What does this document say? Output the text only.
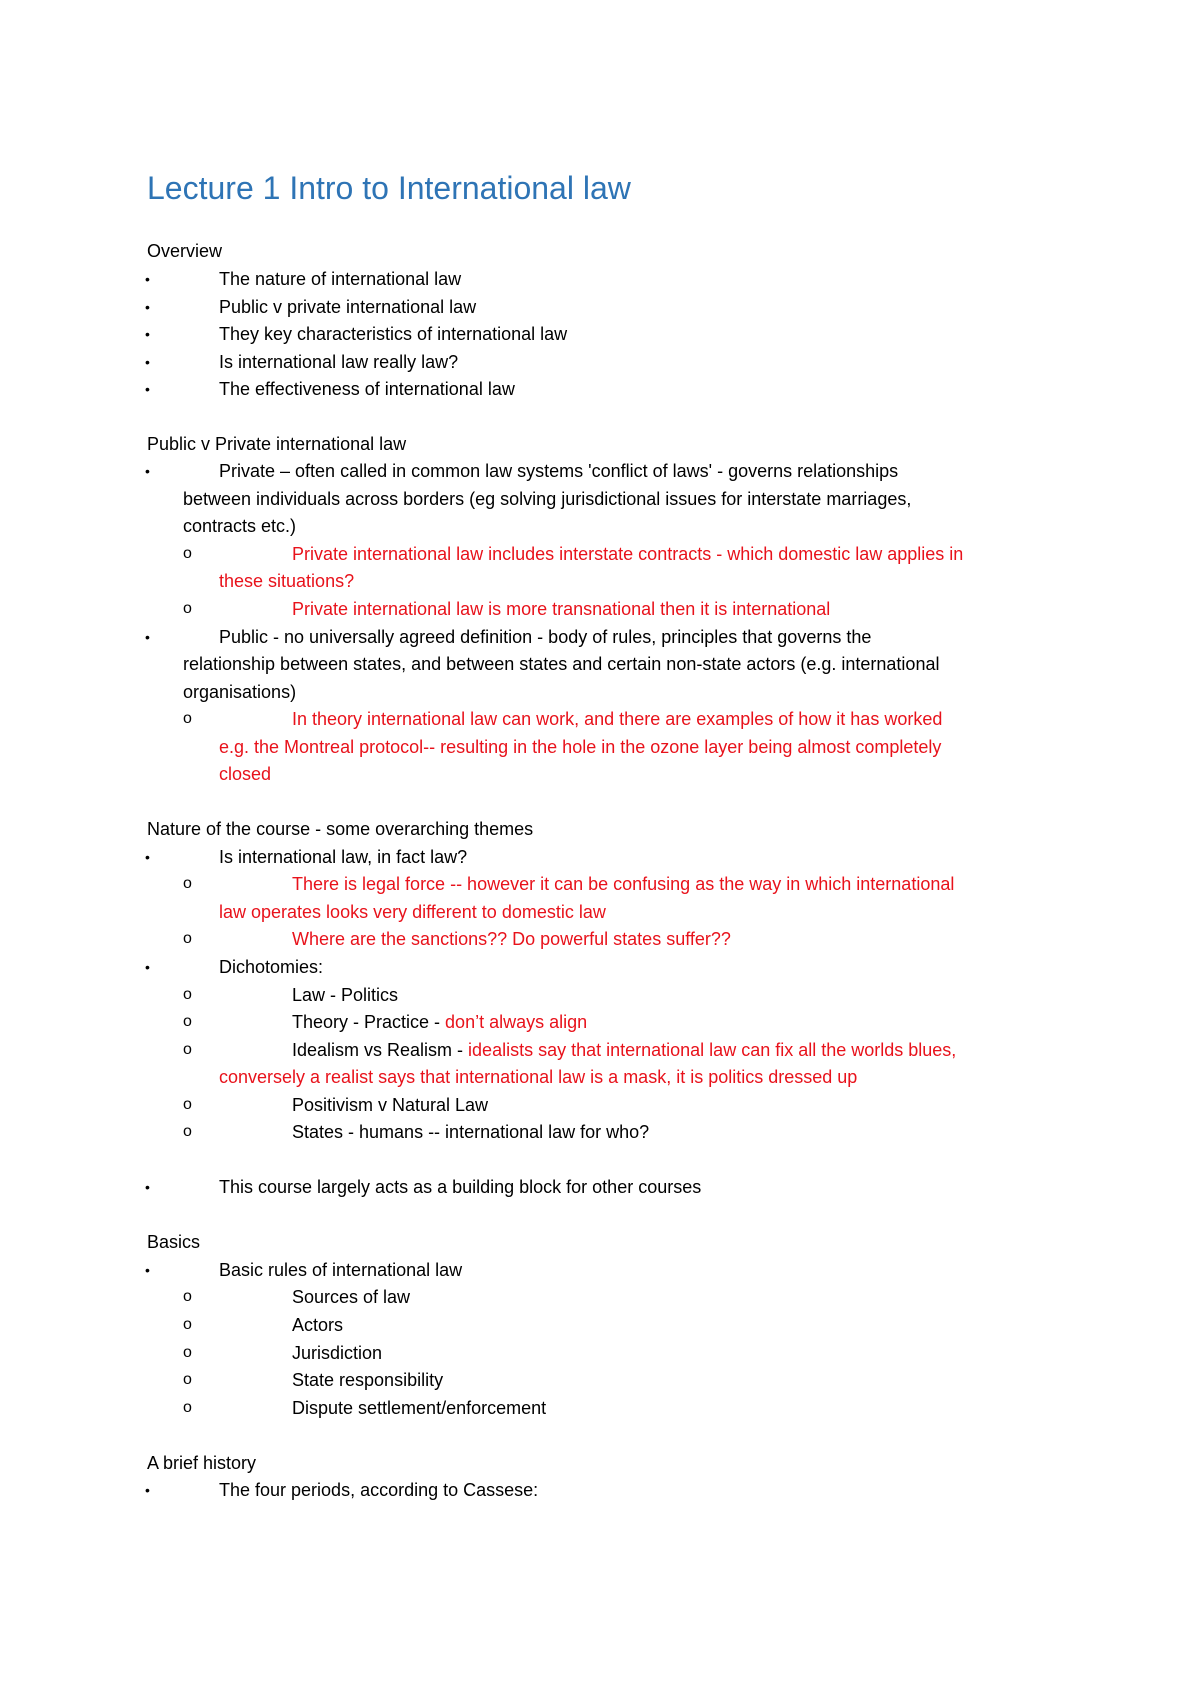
Lecture 1 Intro to International law
Overview
•	The nature of international law
•	Public v private international law
•	They key characteristics of international law
•	Is international law really law?
•	The effectiveness of international law
Public v Private international law
•	Private – often called in common law systems 'conflict of laws' - governs relationships
between individuals across borders (eg solving jurisdictional issues for interstate marriages,
contracts etc.)
o	Private international law includes interstate contracts - which domestic law applies in
these situations?
o	Private international law is more transnational then it is international
•	Public - no universally agreed definition - body of rules, principles that governs the
relationship between states, and between states and certain non-state actors (e.g. international
organisations)
o	In theory international law can work, and there are examples of how it has worked
e.g. the Montreal protocol-- resulting in the hole in the ozone layer being almost completely
closed
Nature of the course - some overarching themes
•	Is international law, in fact law?
o	There is legal force -- however it can be confusing as the way in which international
law operates looks very different to domestic law
o	Where are the sanctions?? Do powerful states suffer??
•	Dichotomies:
o	Law - Politics
o	Theory - Practice - don’t always align
o	Idealism vs Realism - idealists say that international law can fix all the worlds blues,
conversely a realist says that international law is a mask, it is politics dressed up
o	Positivism v Natural Law
o	States - humans -- international law for who?
•	This course largely acts as a building block for other courses
Basics
•	Basic rules of international law
o	Sources of law
o	Actors
o	Jurisdiction
o	State responsibility
o	Dispute settlement/enforcement
A brief history
•	The four periods, according to Cassese:
